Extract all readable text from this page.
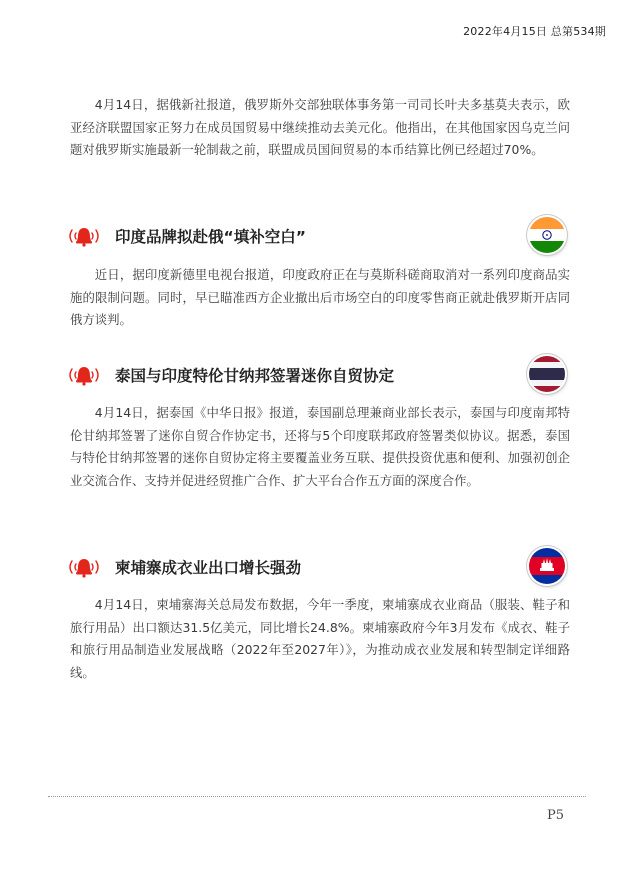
2022年4月15日 总第534期

4月14日，据俄新社报道，俄罗斯外交部独联体事务第一司司长叶夫多基莫夫表示，欧亚经济联盟国家正努力在成员国贸易中继续推动去美元化。他指出，在其他国家因乌克兰问题对俄罗斯实施最新一轮制裁之前，联盟成员国间贸易的本币结算比例已经超过70%。

印度品牌拟赴俄“填补空白”

近日，据印度新德里电视台报道，印度政府正在与莫斯科磋商取消对一系列印度商品实施的限制问题。同时，早已瞄准西方企业撤出后市场空白的印度零售商正就赴俄罗斯开店同俄方谈判。

泰国与印度特伦甘纳邦签署迷你自贸协定

4月14日，据泰国《中华日报》报道，泰国副总理兼商业部长表示，泰国与印度南邦特伦甘纳邦签署了迷你自贸合作协定书，还将与5个印度联邦政府签署类似协议。据悉，泰国与特伦甘纳邦签署的迷你自贸协定将主要覆盖业务互联、提供投资优惠和便利、加强初创企业交流合作、支持并促进经贸推广合作、扩大平台合作五方面的深度合作。

柬埔寨成衣业出口增长强劲

4月14日，柬埔寨海关总局发布数据，今年一季度，柬埔寨成衣业商品（服装、鞋子和旅行用品）出口额达31.5亿美元，同比增长24.8%。柬埔寨政府今年3月发布《成衣、鞋子和旅行用品制造业发展战略（2022年至2027年）》，为推动成衣业发展和转型制定详细路线。

P5
